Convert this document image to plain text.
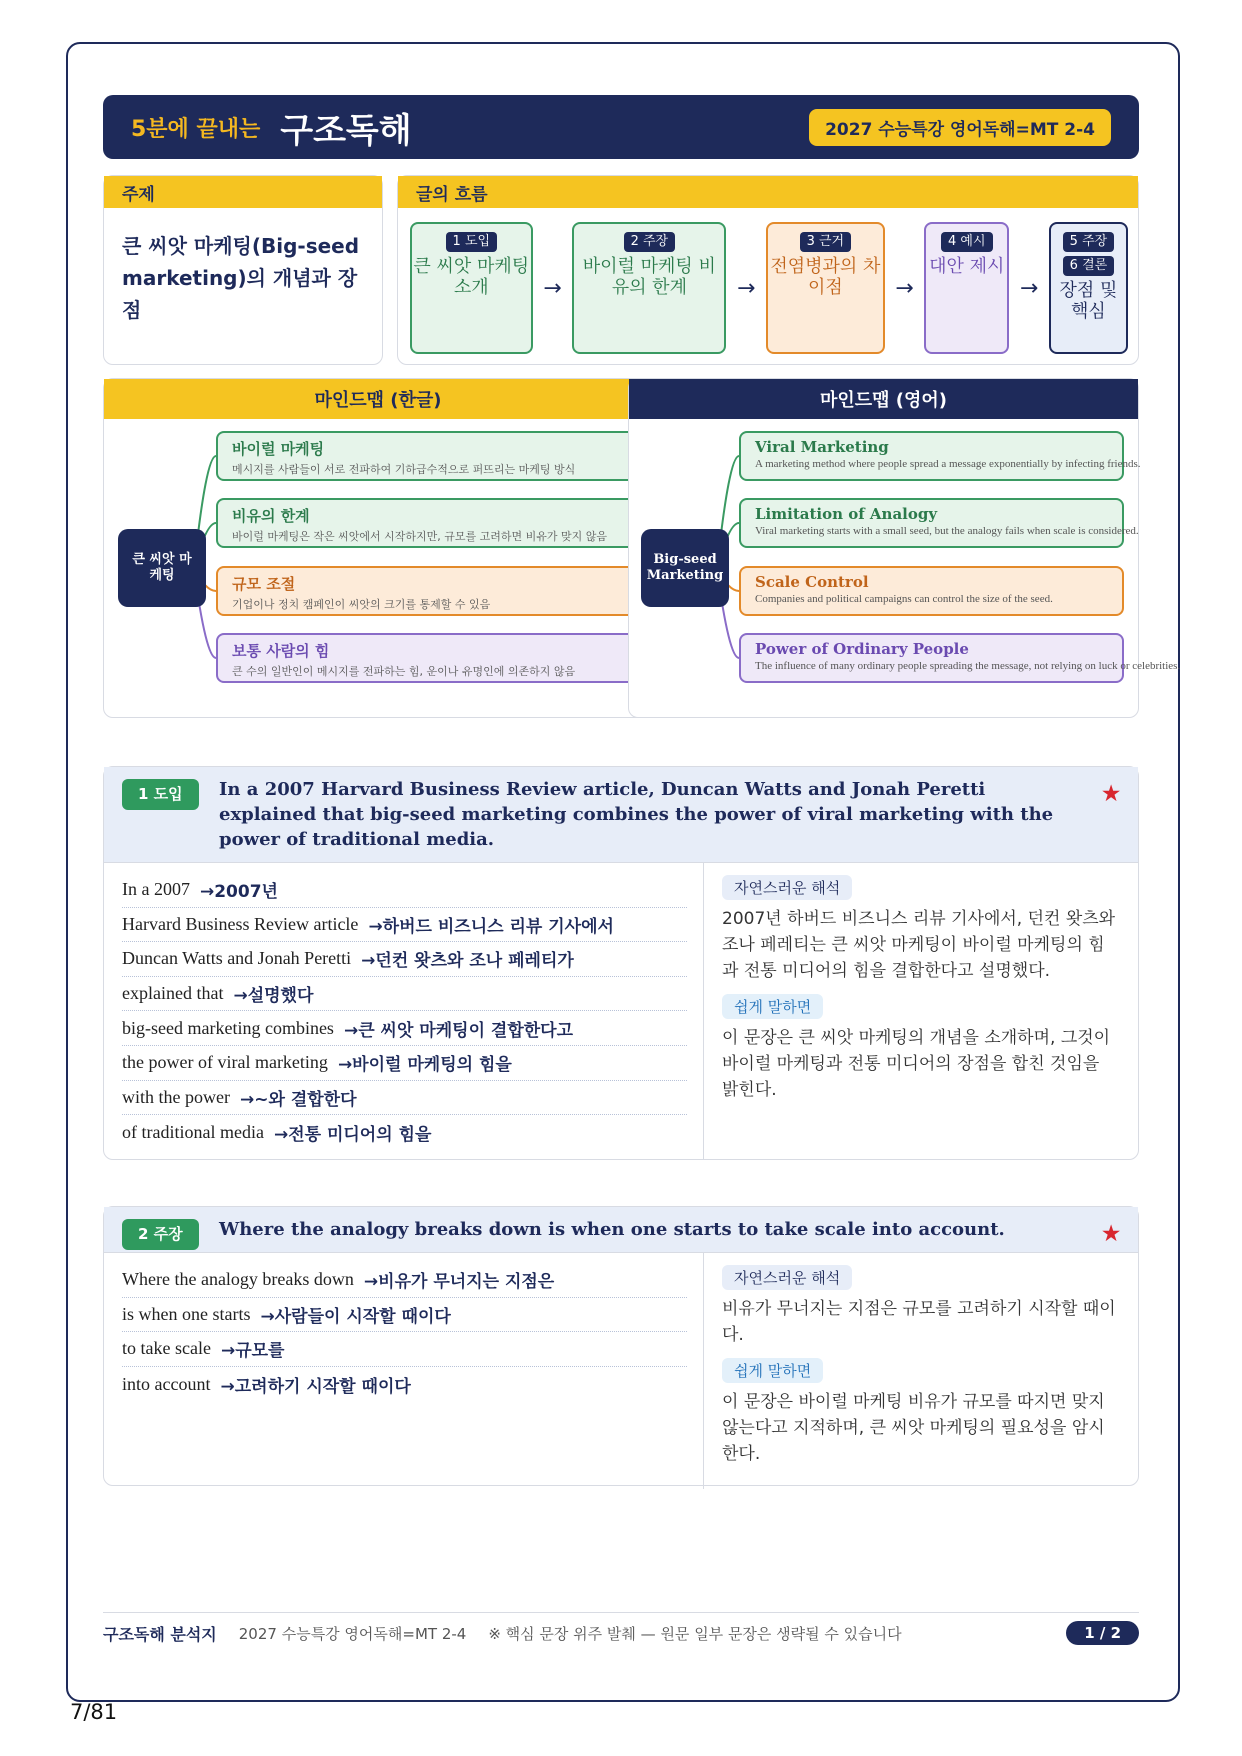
5분에 끝내는 구조독해	2027 수능특강 영어독해=MT 2-4
주제
큰 씨앗 마케팅(Big-seed marketing)의 개념과 장점
글의 흐름
1 도입
큰 씨앗 마케팅 소개	→
2 주장
바이럴 마케팅 비유의 한계	→
3 근거
전염병과의 차이점	→
4 예시
대안 제시
→
5 주장
6 결론
장점 및 핵심
마인드맵 (한글)
큰 씨앗 마케팅
바이럴 마케팅
메시지를 사람들이 서로 전파하여 기하급수적으로 퍼뜨리는 마케팅 방식
비유의 한계
바이럴 마케팅은 작은 씨앗에서 시작하지만, 규모를 고려하면 비유가 맞지 않음
규모 조절
기업이나 정치 캠페인이 씨앗의 크기를 통제할 수 있음
보통 사람의 힘
큰 수의 일반인이 메시지를 전파하는 힘, 운이나 유명인에 의존하지 않음
마인드맵 (영어)
Big-seed Marketing
Viral Marketing
A marketing method where people spread a message exponentially by infecting friends.
Limitation of Analogy
Viral marketing starts with a small seed, but the analogy fails when scale is considered.
Scale Control
Companies and political campaigns can control the size of the seed.
Power of Ordinary People
The influence of many ordinary people spreading the message, not relying on luck or celebrities.
1 도입	In a 2007 Harvard Business Review article, Duncan Watts and Jonah Peretti explained that big-seed marketing combines the power of viral marketing with the power of traditional media.
★
In a 2007 →2007년
Harvard Business Review article →하버드 비즈니스 리뷰 기사에서
Duncan Watts and Jonah Peretti →던컨 왓츠와 조나 페레티가
explained that →설명했다
big-seed marketing combines →큰 씨앗 마케팅이 결합한다고
the power of viral marketing →바이럴 마케팅의 힘을
with the power →~와 결합한다
of traditional media →전통 미디어의 힘을
자연스러운 해석
2007년 하버드 비즈니스 리뷰 기사에서, 던컨 왓츠와 조나 페레티는 큰 씨앗 마케팅이 바이럴 마케팅의 힘과 전통 미디어의 힘을 결합한다고 설명했다.
쉽게 말하면
이 문장은 큰 씨앗 마케팅의 개념을 소개하며, 그것이 바이럴 마케팅과 전통 미디어의 장점을 합친 것임을 밝힌다.
2 주장	Where the analogy breaks down is when one starts to take scale into account.	★
Where the analogy breaks down →비유가 무너지는 지점은
is when one starts →사람들이 시작할 때이다
to take scale →규모를
into account →고려하기 시작할 때이다
자연스러운 해석
비유가 무너지는 지점은 규모를 고려하기 시작할 때이다.
쉽게 말하면
이 문장은 바이럴 마케팅 비유가 규모를 따지면 맞지 않는다고 지적하며, 큰 씨앗 마케팅의 필요성을 암시한다.
구조독해 분석지 2027 수능특강 영어독해=MT 2-4 ※ 핵심 문장 위주 발췌 — 원문 일부 문장은 생략될 수 있습니다	1 / 2
7/81
